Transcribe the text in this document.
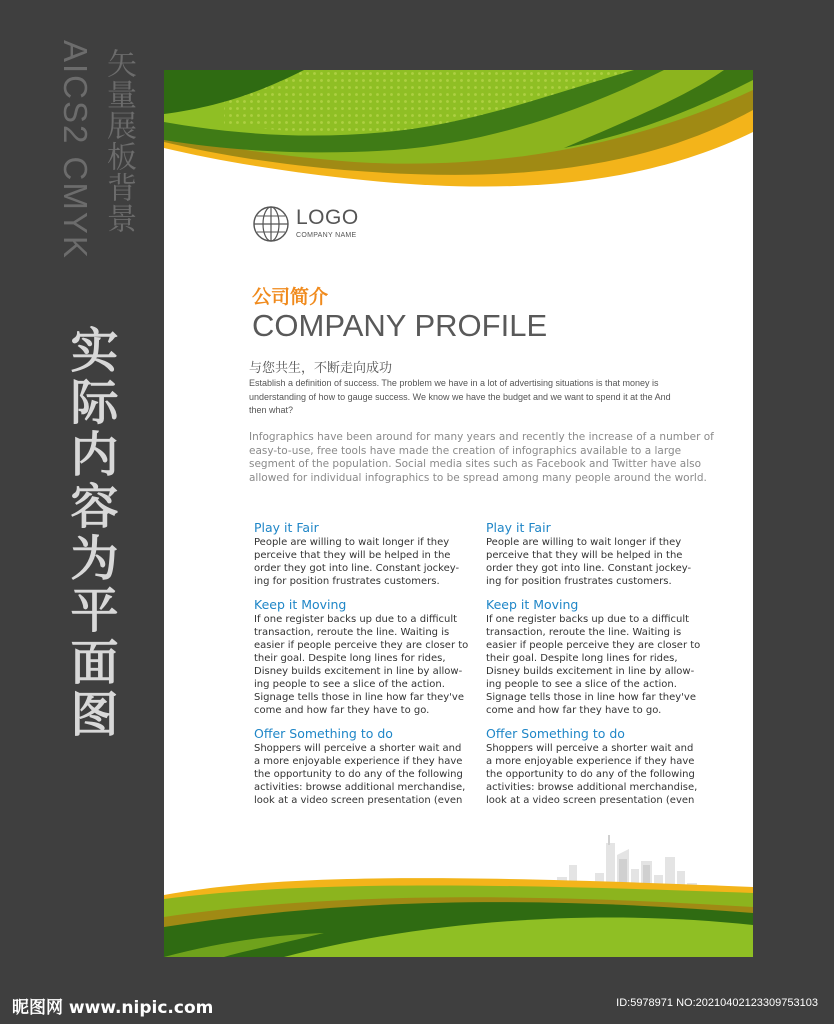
矢量展板背景
AICS2 CMYK
实际内容为平面图
LOGO
COMPANY NAME
公司简介
COMPANY PROFILE
与您共生，不断走向成功
Establish a definition of success. The problem we have in a lot of advertising situations is that money is understanding of how to gauge success. We know we have the budget and we want to spend it at the And then what?
Infographics have been around for many years and recently the increase of a number of easy-to-use, free tools have made the creation of infographics available to a large segment of the population. Social media sites such as Facebook and Twitter have also allowed for individual infographics to be spread among many people around the world.

Play it Fair

People are willing to wait longer if they perceive that they will be helped in the order they got into line. Constant jockey-ing for position frustrates customers.

Keep it Moving

If one register backs up due to a difficult transaction, reroute the line. Waiting is easier if people perceive they are closer to their goal. Despite long lines for rides, Disney builds excitement in line by allow-ing people to see a slice of the action. Signage tells those in line how far they've come and how far they have to go.

Offer Something to do

Shoppers will perceive a shorter wait and a more enjoyable experience if they have the opportunity to do any of the following activities: browse additional merchandise, look at a video screen presentation (even

Play it Fair

People are willing to wait longer if they perceive that they will be helped in the order they got into line. Constant jockey-ing for position frustrates customers.

Keep it Moving

If one register backs up due to a difficult transaction, reroute the line. Waiting is easier if people perceive they are closer to their goal. Despite long lines for rides, Disney builds excitement in line by allow-ing people to see a slice of the action. Signage tells those in line how far they've come and how far they have to go.

Offer Something to do

Shoppers will perceive a shorter wait and a more enjoyable experience if they have the opportunity to do any of the following activities: browse additional merchandise, look at a video screen presentation (even

昵图网 www.nipic.com	ID:5978971 NO:20210402123309753103
